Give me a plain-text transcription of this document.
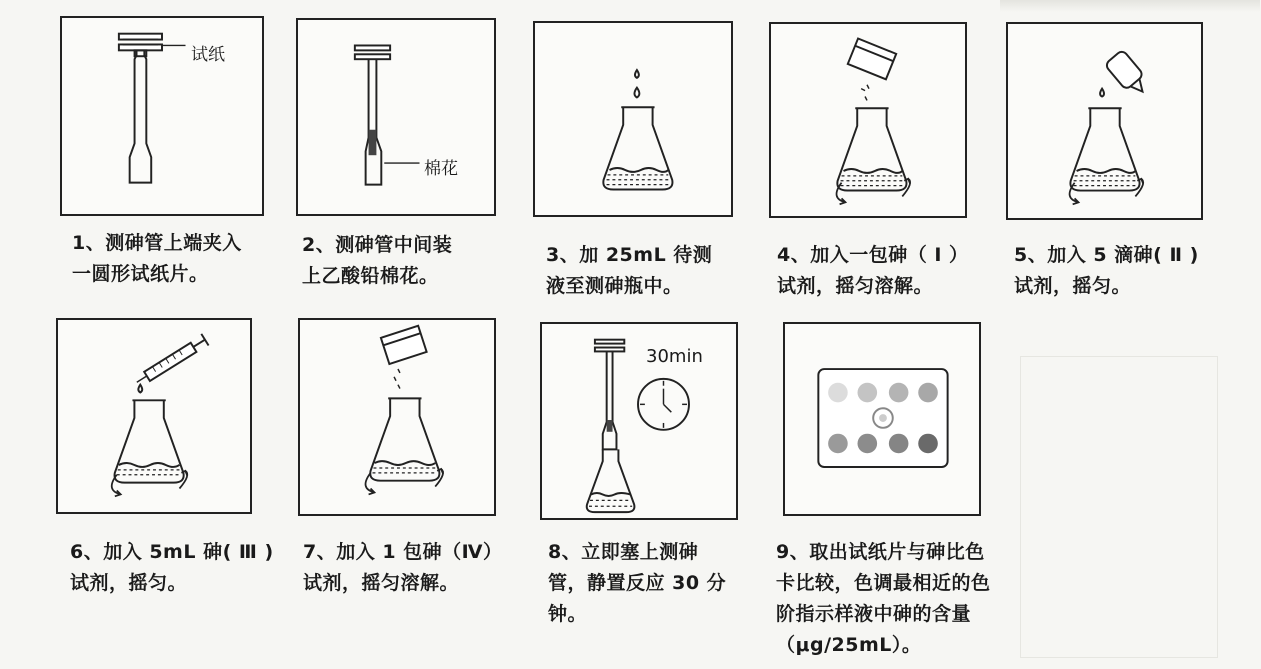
试纸
1、测砷管上端夹入
一圆形试纸片。
棉花
2、测砷管中间装
上乙酸铅棉花。
3、加 25mL 待测
液至测砷瓶中。
4、加入一包砷（ Ⅰ ）
试剂，摇匀溶解。
5、加入 5 滴砷( Ⅱ )
试剂，摇匀。
6、加入 5mL 砷( Ⅲ )
试剂，摇匀。
7、加入 1 包砷（Ⅳ）
试剂，摇匀溶解。
30min
8、立即塞上测砷
管，静置反应 30 分
钟。
9、取出试纸片与砷比色
卡比较，色调最相近的色
阶指示样液中砷的含量
（μg/25mL）。
